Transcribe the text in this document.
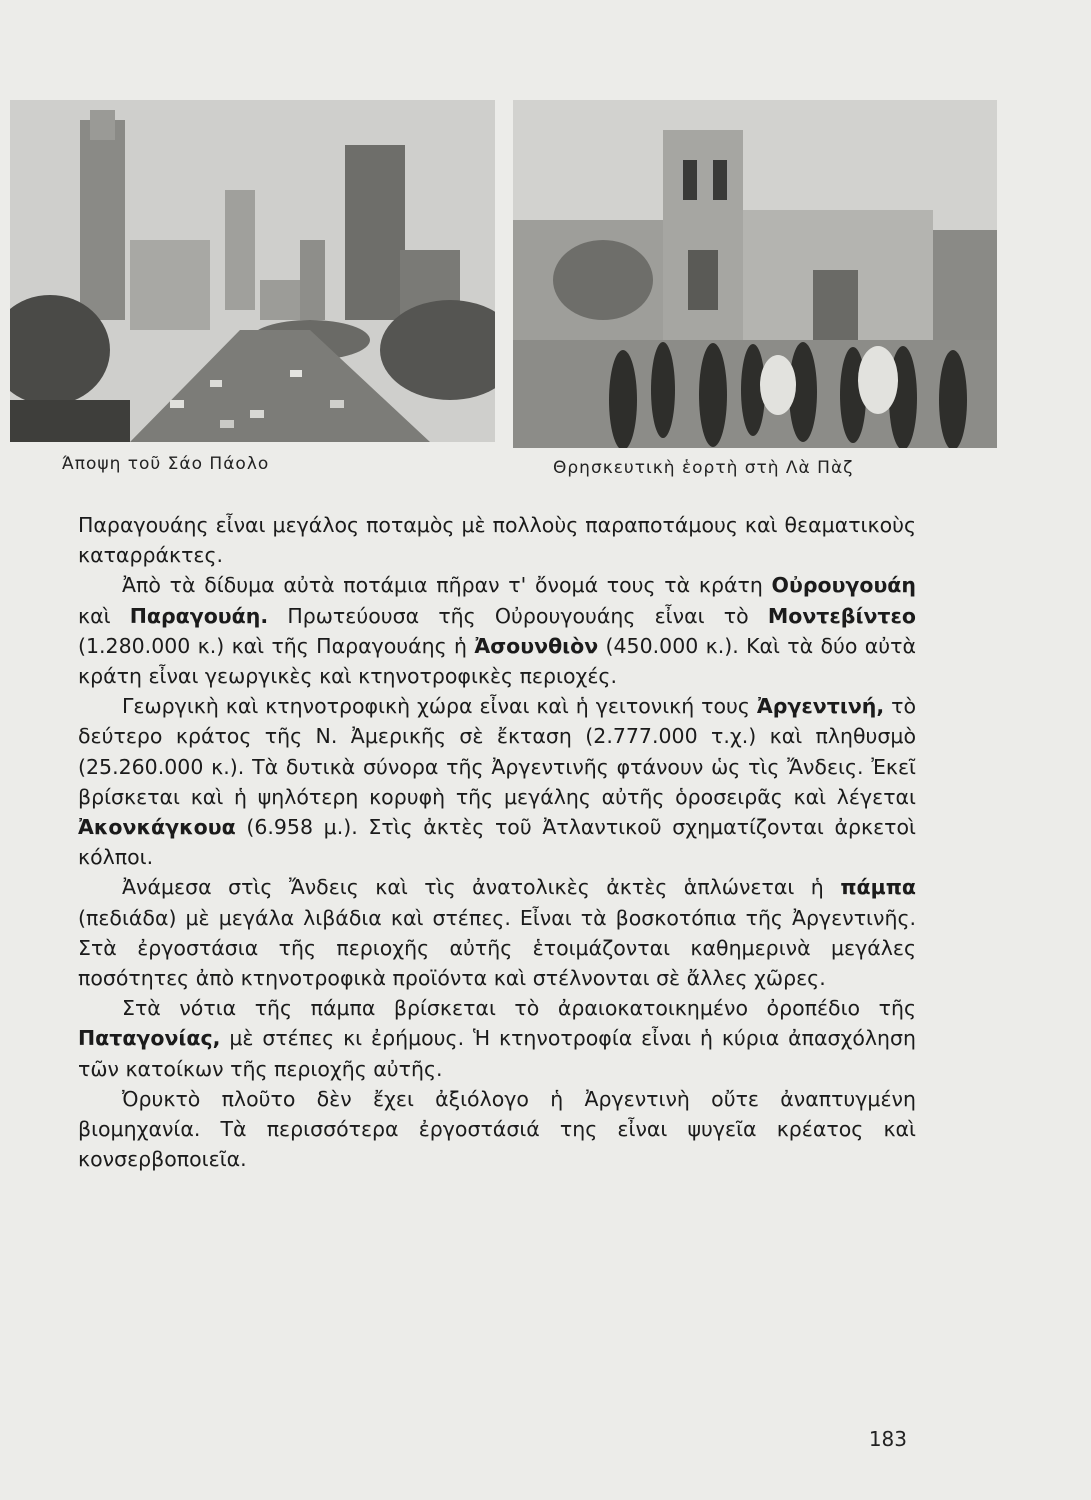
Άποψη τοῦ Σάο Πάολο	Θρησκευτικὴ ἑορτὴ στὴ Λὰ Πὰζ

Παραγουάης εἶναι μεγάλος ποταμὸς μὲ πολλοὺς παραποτάμους καὶ θεαματικοὺς καταρράκτες.

Ἀπὸ τὰ δίδυμα αὐτὰ ποτάμια πῆραν τ' ὄνομά τους τὰ κράτη Οὐρουγουάη καὶ Παραγουάη. Πρωτεύουσα τῆς Οὐρουγουάης εἶναι τὸ Μοντεβίντεο (1.280.000 κ.) καὶ τῆς Παραγουάης ἡ Ἀσουνθιὸν (450.000 κ.). Καὶ τὰ δύο αὐτὰ κράτη εἶναι γεωργικὲς καὶ κτηνοτροφικὲς περιοχές.

Γεωργικὴ καὶ κτηνοτροφικὴ χώρα εἶναι καὶ ἡ γειτονική τους Ἀργεντινή, τὸ δεύτερο κράτος τῆς Ν. Ἀμερικῆς σὲ ἔκταση (2.777.000 τ.χ.) καὶ πληθυσμὸ (25.260.000 κ.). Τὰ δυτικὰ σύνορα τῆς Ἀργεντινῆς φτάνουν ὡς τὶς Ἄνδεις. Ἐκεῖ βρίσκεται καὶ ἡ ψηλότερη κορυφὴ τῆς μεγάλης αὐτῆς ὁροσειρᾶς καὶ λέγεται Ἀκονκάγκουα (6.958 μ.). Στὶς ἀκτὲς τοῦ Ἀτλαντικοῦ σχηματίζονται ἀρκετοὶ κόλποι.

Ἀνάμεσα στὶς Ἄνδεις καὶ τὶς ἀνατολικὲς ἀκτὲς ἁπλώνεται ἡ πάμπα (πεδιάδα) μὲ μεγάλα λιβάδια καὶ στέπες. Εἶναι τὰ βοσκοτόπια τῆς Ἀργεντινῆς. Στὰ ἐργοστάσια τῆς περιοχῆς αὐτῆς ἑτοιμάζονται καθημερινὰ μεγάλες ποσότητες ἀπὸ κτηνοτροφικὰ προϊόντα καὶ στέλνονται σὲ ἄλλες χῶρες.

Στὰ νότια τῆς πάμπα βρίσκεται τὸ ἀραιοκατοικημένο ὀροπέδιο τῆς Παταγονίας, μὲ στέπες κι ἐρήμους. Ἡ κτηνοτροφία εἶναι ἡ κύρια ἀπασχόληση τῶν κατοίκων τῆς περιοχῆς αὐτῆς.

Ὀρυκτὸ πλοῦτο δὲν ἔχει ἀξιόλογο ἡ Ἀργεντινὴ οὔτε ἀναπτυγμένη βιομηχανία. Τὰ περισσότερα ἐργοστάσιά της εἶναι ψυγεῖα κρέατος καὶ κονσερβοποιεῖα.

183
